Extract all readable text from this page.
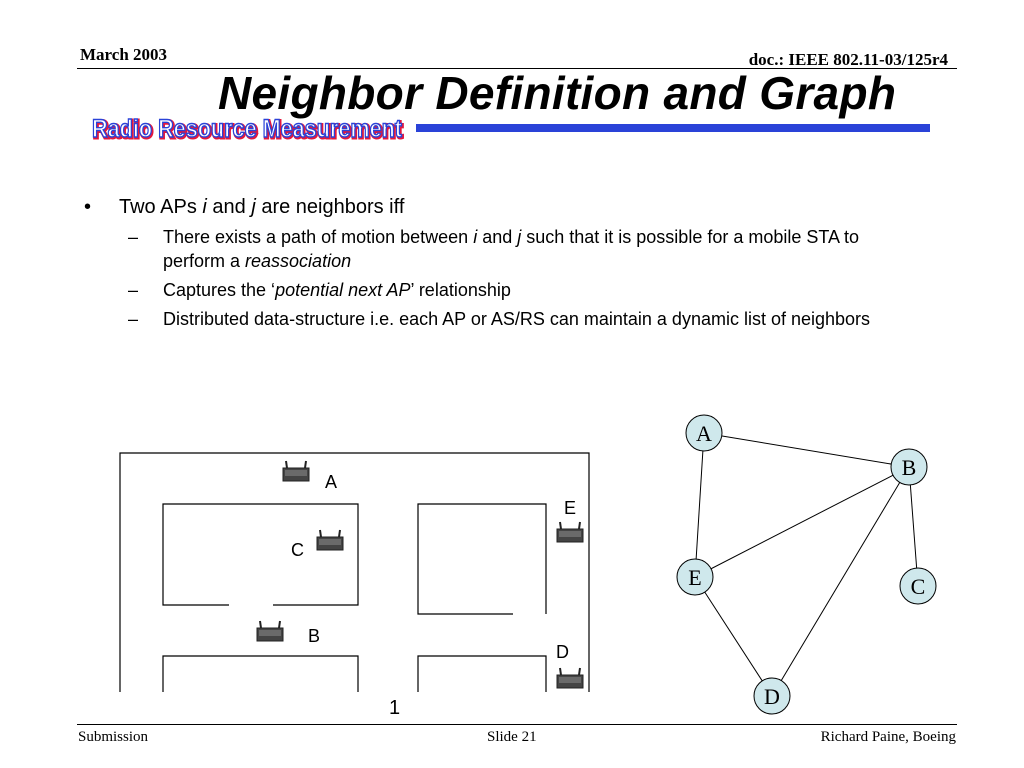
March 2003	doc.: IEEE 802.11-03/125r4
Neighbor Definition and Graph
Radio Resource Measurement
Radio Resource Measurement
• Two APs i and j are neighbors iff
– There exists a path of motion between i and j such that it is possible for a mobile STA to perform a reassociation
– Captures the ‘potential next AP’ relationship
– Distributed data-structure i.e. each AP or AS/RS can maintain a dynamic list of neighbors
A
C
B
E
D
1
A
B
C
D
E
Submission	Slide 21	Richard Paine, Boeing
